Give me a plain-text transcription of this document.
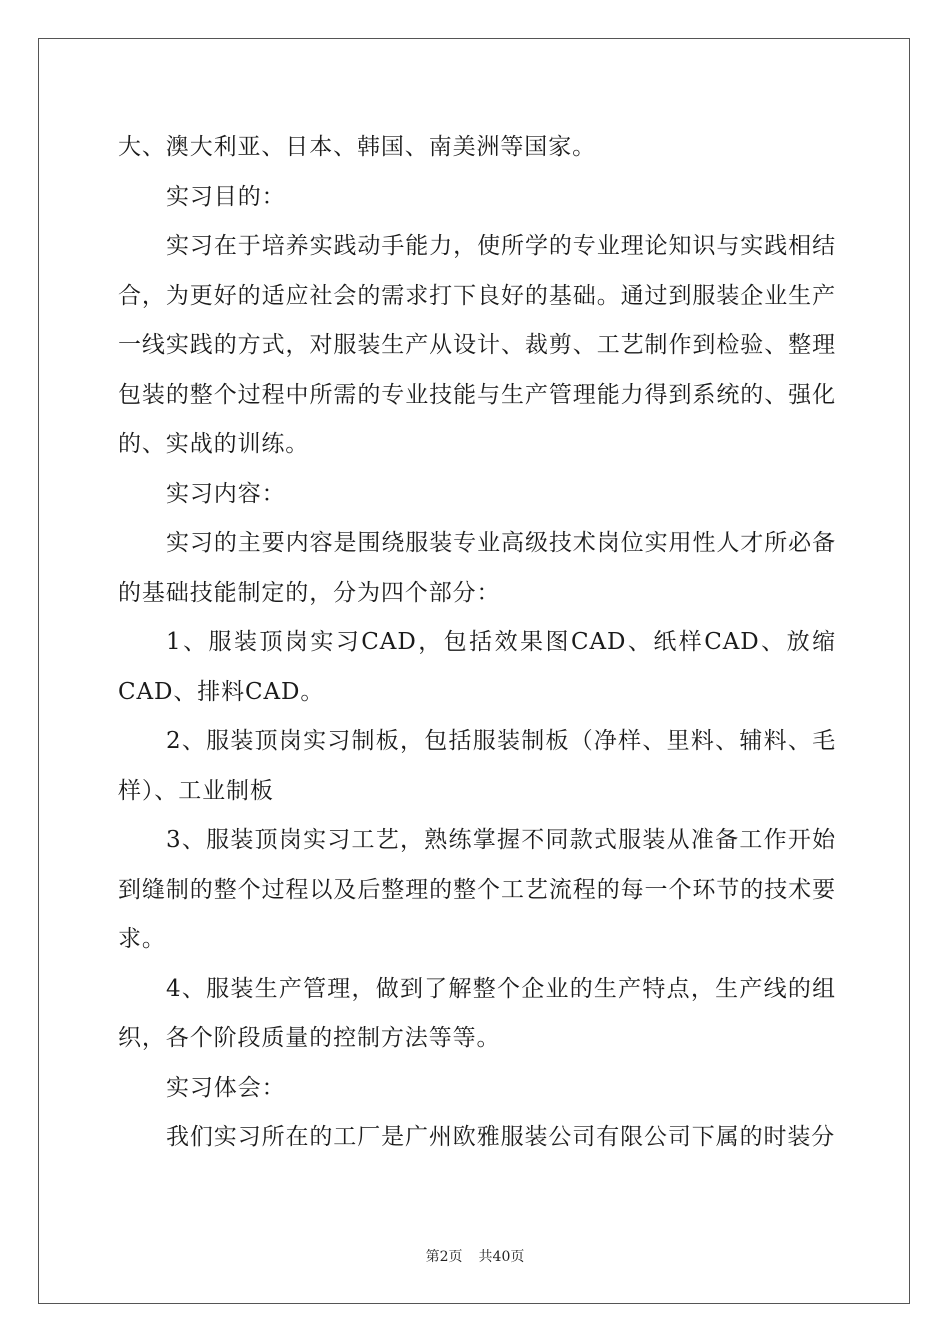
大、澳大利亚、日本、韩国、南美洲等国家。

实习目的：

实习在于培养实践动手能力，使所学的专业理论知识与实践相结合，为更好的适应社会的需求打下良好的基础。通过到服装企业生产一线实践的方式，对服装生产从设计、裁剪、工艺制作到检验、整理包装的整个过程中所需的专业技能与生产管理能力得到系统的、强化的、实战的训练。

实习内容：

实习的主要内容是围绕服装专业高级技术岗位实用性人才所必备的基础技能制定的，分为四个部分：

1、服装顶岗实习CAD，包括效果图CAD、纸样CAD、放缩CAD、排料CAD。

2、服装顶岗实习制板，包括服装制板（净样、里料、辅料、毛样）、工业制板

3、服装顶岗实习工艺，熟练掌握不同款式服装从准备工作开始到缝制的整个过程以及后整理的整个工艺流程的每一个环节的技术要求。

4、服装生产管理，做到了解整个企业的生产特点，生产线的组织，各个阶段质量的控制方法等等。

实习体会：

我们实习所在的工厂是广州欧雅服装公司有限公司下属的时装分

第2页 共40页
